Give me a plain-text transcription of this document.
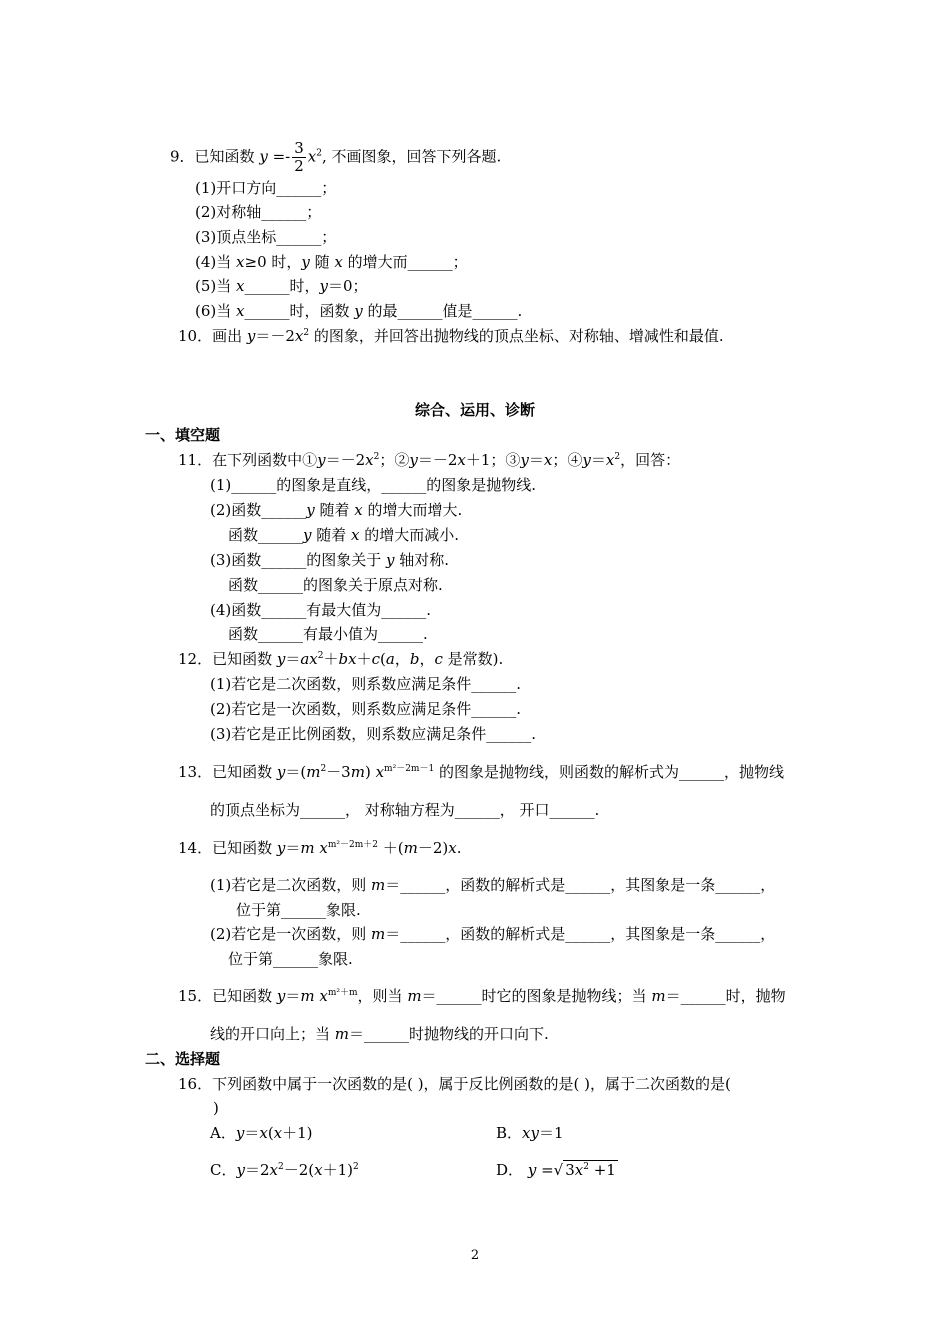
9．已知函数 $y =- \frac{3}{2} x^2$, 不画图象，回答下列各题.
(1)开口方向______；
(2)对称轴______；
(3)顶点坐标______；
(4)当 x≥0 时，y 随 x 的增大而______；
(5)当 x______时，y＝0；
(6)当 x______时，函数 y 的最______值是______.
10．画出 $y=-2x^2$ 的图象，并回答出抛物线的顶点坐标、对称轴、增减性和最值.
综合、运用、诊断
一、填空题
11．在下列函数中$①y=-2x^2$；②y＝－2x＋1；③y＝x；$④y=x^2$，回答：
(1)______的图象是直线，______的图象是抛物线.
(2)函数______y 随着 x 的增大而增大.
函数______y 随着 x 的增大而减小.
(3)函数______的图象关于 y 轴对称.
函数______的图象关于原点对称.
(4)函数______有最大值为______.
函数______有最小值为______.
12．已知函数 $y=ax^2+bx+c(a$，b，c 是常数).
(1)若它是二次函数，则系数应满足条件______.
(2)若它是一次函数，则系数应满足条件______.
(3)若它是正比例函数，则系数应满足条件______.
13．已知函数 $y=(m^2-3m)$ $x^{m^2-2m-1}$ 的图象是抛物线，则函数的解析式为______，抛物线
的顶点坐标为______， 对称轴方程为______， 开口______.
14．已知函数 y＝m $x^{m^2-2m+2} +(m-2)x$.
(1)若它是二次函数，则 m＝______，函数的解析式是______，其图象是一条______，
位于第______象限.
(2)若它是一次函数，则 m＝______，函数的解析式是______，其图象是一条______，
位于第______象限.
15．已知函数 y＝m $x^{m^2+m}$，则当 m＝______时它的图象是抛物线；当 m＝______时，抛物
线的开口向上；当 m＝______时抛物线的开口向下.
二、选择题
16．下列函数中属于一次函数的是( )，属于反比例函数的是( )，属于二次函数的是(
)
A．y＝x(x＋1)	B．xy＝1
C．$y=2x^2-2(x+1)^2$	D． y =√ $3x^2 +1$
2
